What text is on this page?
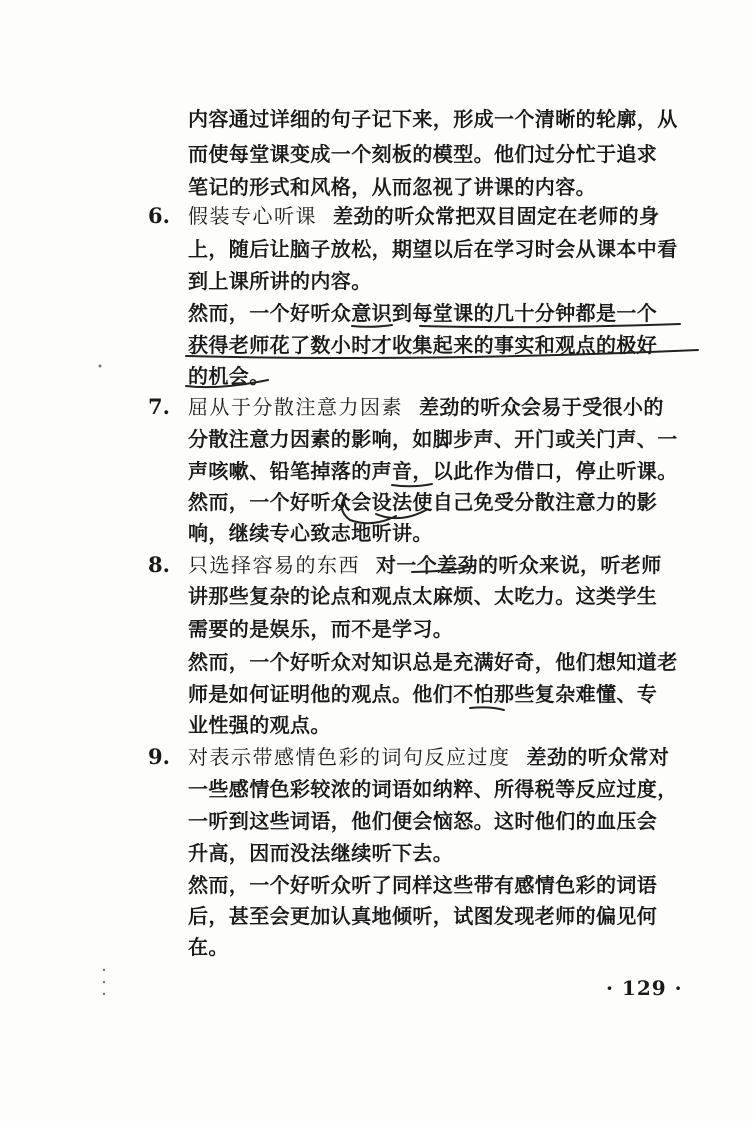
内容通过详细的句子记下来，形成一个清晰的轮廓，从
而使每堂课变成一个刻板的模型。他们过分忙于追求
笔记的形式和风格，从而忽视了讲课的内容。
6. 假装专心听课 差劲的听众常把双目固定在老师的身
上，随后让脑子放松，期望以后在学习时会从课本中看
到上课所讲的内容。
然而，一个好听众意识到每堂课的几十分钟都是一个
获得老师花了数小时才收集起来的事实和观点的极好
的机会。
7. 屈从于分散注意力因素 差劲的听众会易于受很小的
分散注意力因素的影响，如脚步声、开门或关门声、一
声咳嗽、铅笔掉落的声音，以此作为借口，停止听课。
然而，一个好听众会设法使自己免受分散注意力的影
响，继续专心致志地听讲。
8. 只选择容易的东西 对一个差劲的听众来说，听老师
讲那些复杂的论点和观点太麻烦、太吃力。这类学生
需要的是娱乐，而不是学习。
然而，一个好听众对知识总是充满好奇，他们想知道老
师是如何证明他的观点。他们不怕那些复杂难懂、专
业性强的观点。
9. 对表示带感情色彩的词句反应过度 差劲的听众常对
一些感情色彩较浓的词语如纳粹、所得税等反应过度，
一听到这些词语，他们便会恼怒。这时他们的血压会
升高，因而没法继续听下去。
然而，一个好听众听了同样这些带有感情色彩的词语
后，甚至会更加认真地倾听，试图发现老师的偏见何
在。
· 129 ·
